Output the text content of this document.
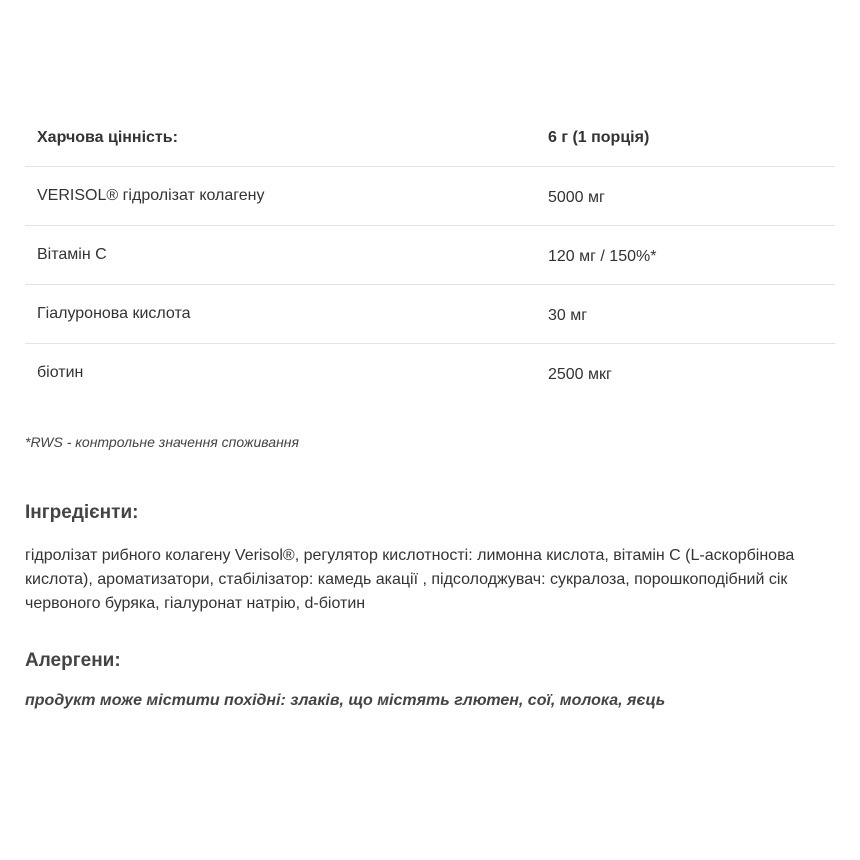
Харчова цінність:	6 г (1 порція)
VERISOL® гідролізат колагену	5000 мг
Вітамін С	120 мг / 150%*
Гіалуронова кислота	30 мг
біотин	2500 мкг
*RWS - контрольне значення споживання
Інгредієнти:
гідролізат рибного колагену Verisol®, регулятор кислотності: лимонна кислота, вітамін С (L-аскорбінова кислота), ароматизатори, стабілізатор: камедь акації , підсолоджувач: сукралоза, порошкоподібний сік червоного буряка, гіалуронат натрію, d-біотин
Алергени:
продукт може містити похідні: злаків, що містять глютен, сої, молока, яєць
